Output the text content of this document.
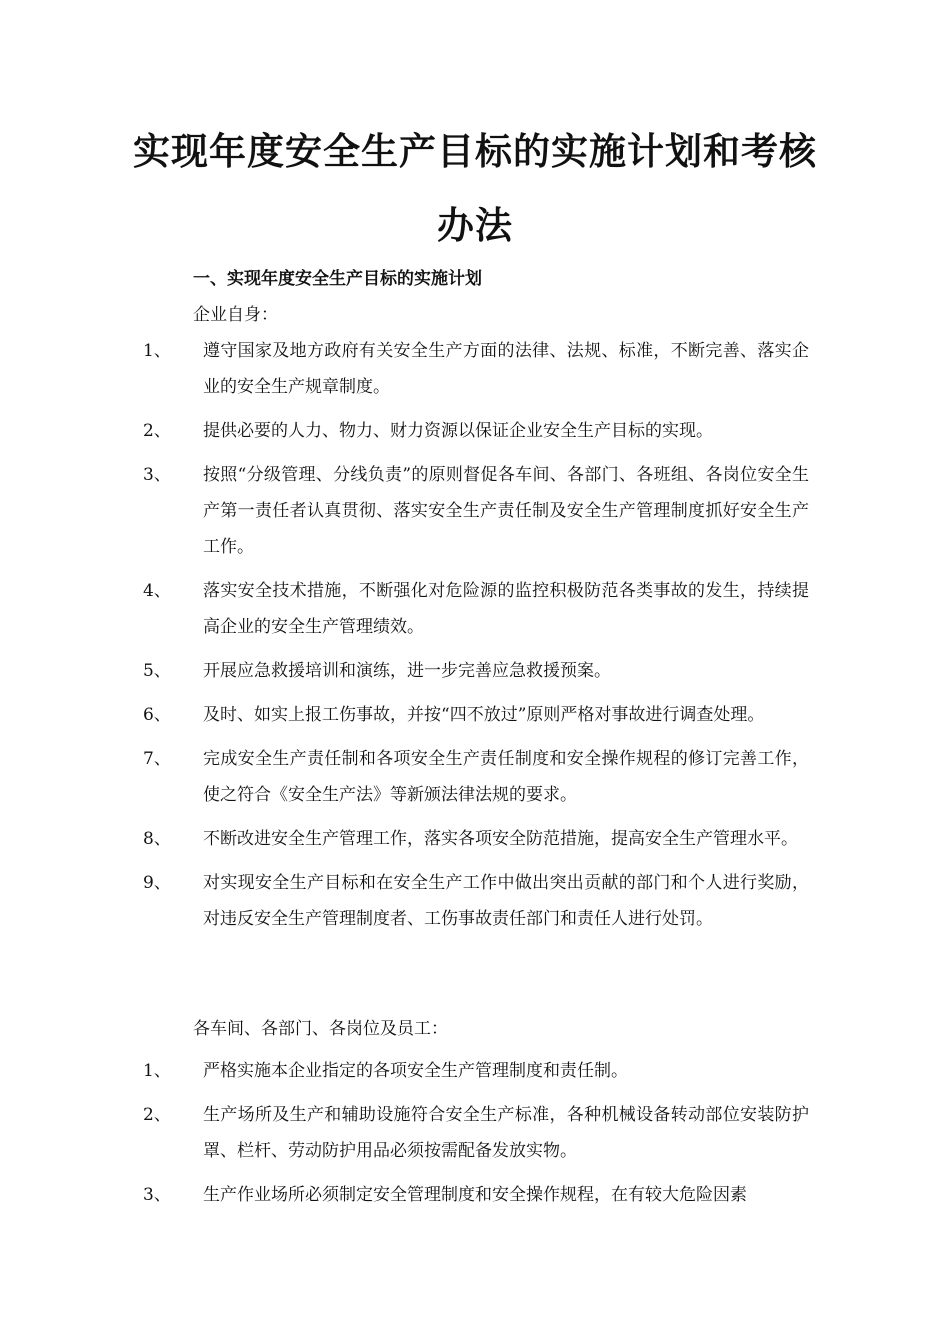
实现年度安全生产目标的实施计划和考核
办法
一、实现年度安全生产目标的实施计划
企业自身：
1、 遵守国家及地方政府有关安全生产方面的法律、法规、标准，不断完善、落实企业的安全生产规章制度。
2、 提供必要的人力、物力、财力资源以保证企业安全生产目标的实现。
3、 按照“分级管理、分线负责”的原则督促各车间、各部门、各班组、各岗位安全生产第一责任者认真贯彻、落实安全生产责任制及安全生产管理制度抓好安全生产工作。
4、 落实安全技术措施，不断强化对危险源的监控积极防范各类事故的发生，持续提高企业的安全生产管理绩效。
5、 开展应急救援培训和演练，进一步完善应急救援预案。
6、 及时、如实上报工伤事故，并按“四不放过”原则严格对事故进行调查处理。
7、 完成安全生产责任制和各项安全生产责任制度和安全操作规程的修订完善工作，使之符合《安全生产法》等新颁法律法规的要求。
8、 不断改进安全生产管理工作，落实各项安全防范措施，提高安全生产管理水平。
9、 对实现安全生产目标和在安全生产工作中做出突出贡献的部门和个人进行奖励，对违反安全生产管理制度者、工伤事故责任部门和责任人进行处罚。
各车间、各部门、各岗位及员工：
1、 严格实施本企业指定的各项安全生产管理制度和责任制。
2、 生产场所及生产和辅助设施符合安全生产标准，各种机械设备转动部位安装防护罩、栏杆、劳动防护用品必须按需配备发放实物。
3、 生产作业场所必须制定安全管理制度和安全操作规程，在有较大危险因素
